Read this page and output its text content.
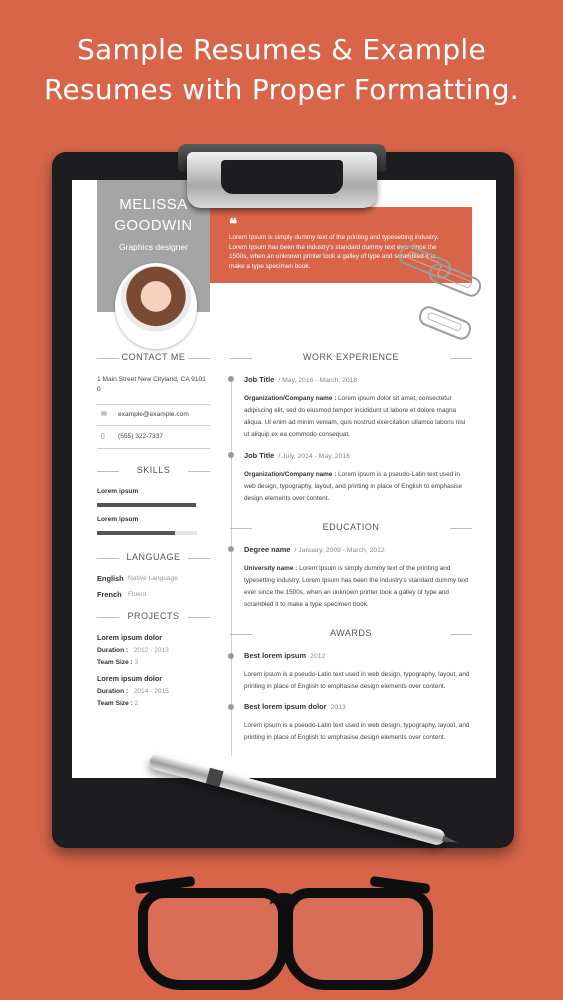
Sample Resumes & Example
Resumes with Proper Formatting.
MELISSA
GOODWIN
Graphics designer
❝
Lorem Ipsum is simply dummy text of the printing and typesetting industry. Lorem Ipsum has been the industry's standard dummy text ever since the 1500s, when an unknown printer took a galley of type and scrambled it to make a type specimen book.
CONTACT ME
1 Main Street New Cityland, CA 9101 0
✉ example@example.com
▯ (555) 322-7337
SKILLS
Lorem ipsum
Lorem ipsum
LANGUAGE
English Native Language
French Fluent
PROJECTS
Lorem ipsum dolor
Duration : 2012 - 2013
Team Size : 3
Lorem ipsum dolor
Duration : 2014 - 2015
Team Size : 2
WORK EXPERIENCE
Job Title / May, 2016 - March, 2018
Organization/Company name : Lorem ipsum dolor sit amet, consectetur adipiscing elit, sed do eiusmod tempor incididunt ut labore et dolore magna aliqua. Ut enim ad minim veniam, quis nostrud exercitation ullamco laboris nisi ut aliquip ex ea commodo consequat.
Job Title / July, 2014 - May, 2016
Organization/Company name : Lorem ipsum is a pseudo-Latin text used in web design, typography, layout, and printing in place of English to emphasise design elements over content.
EDUCATION
Degree name / January, 2009 - March, 2012
University name : Lorem Ipsum is simply dummy text of the printing and typesetting industry. Lorem Ipsum has been the industry's standard dummy text ever since the 1500s, when an unknown printer took a galley of type and scrambled it to make a type specimen book.
AWARDS
Best lorem ipsum 2012
Lorem ipsum is a pseudo-Latin text used in web design, typography, layout, and printing in place of English to emphasise design elements over content.
Best lorem ipsum dolor 2013
Lorem ipsum is a pseudo-Latin text used in web design, typography, layout, and printing in place of English to emphasise design elements over content.
